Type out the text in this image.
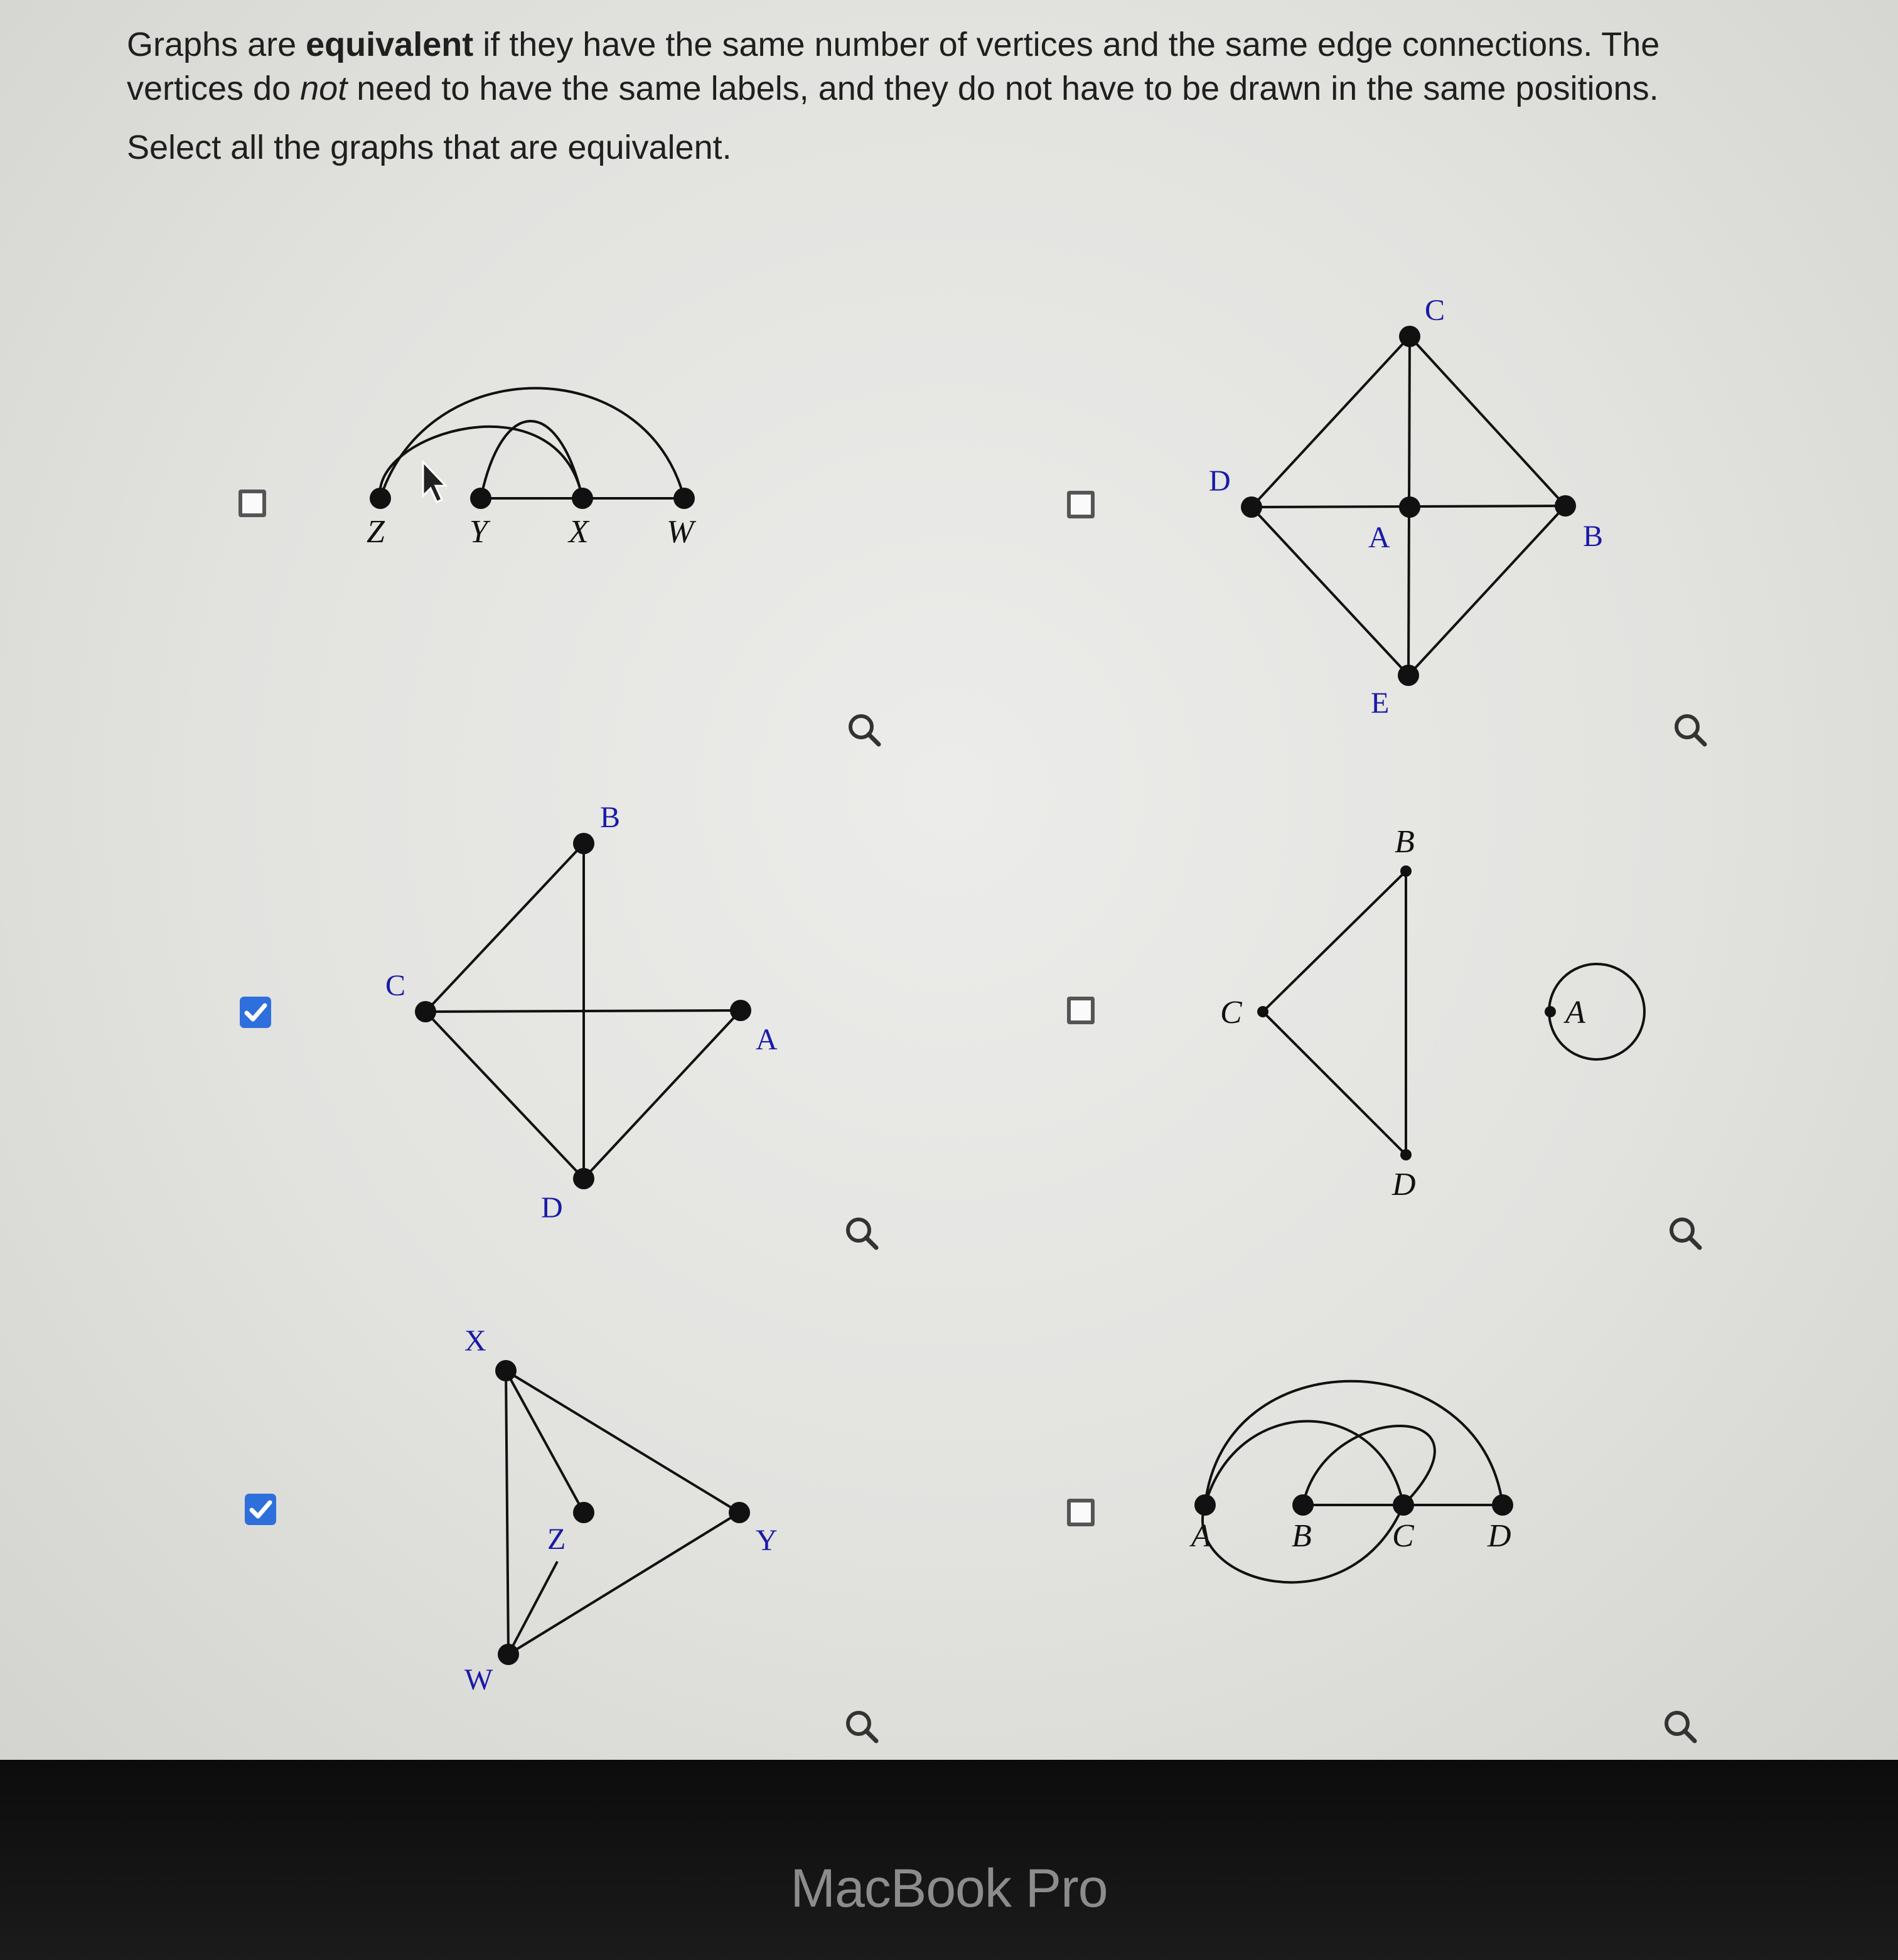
Graphs are equivalent if they have the same number of vertices and the same edge connections. The vertices do not need to have the same labels, and they do not have to be drawn in the same positions.

Select all the graphs that are equivalent.

Z	Y X W
C
D
A	B
E
B
C
A
D
B
C	A
D
X
Z	Y
W
A B C D
MacBook Pro
